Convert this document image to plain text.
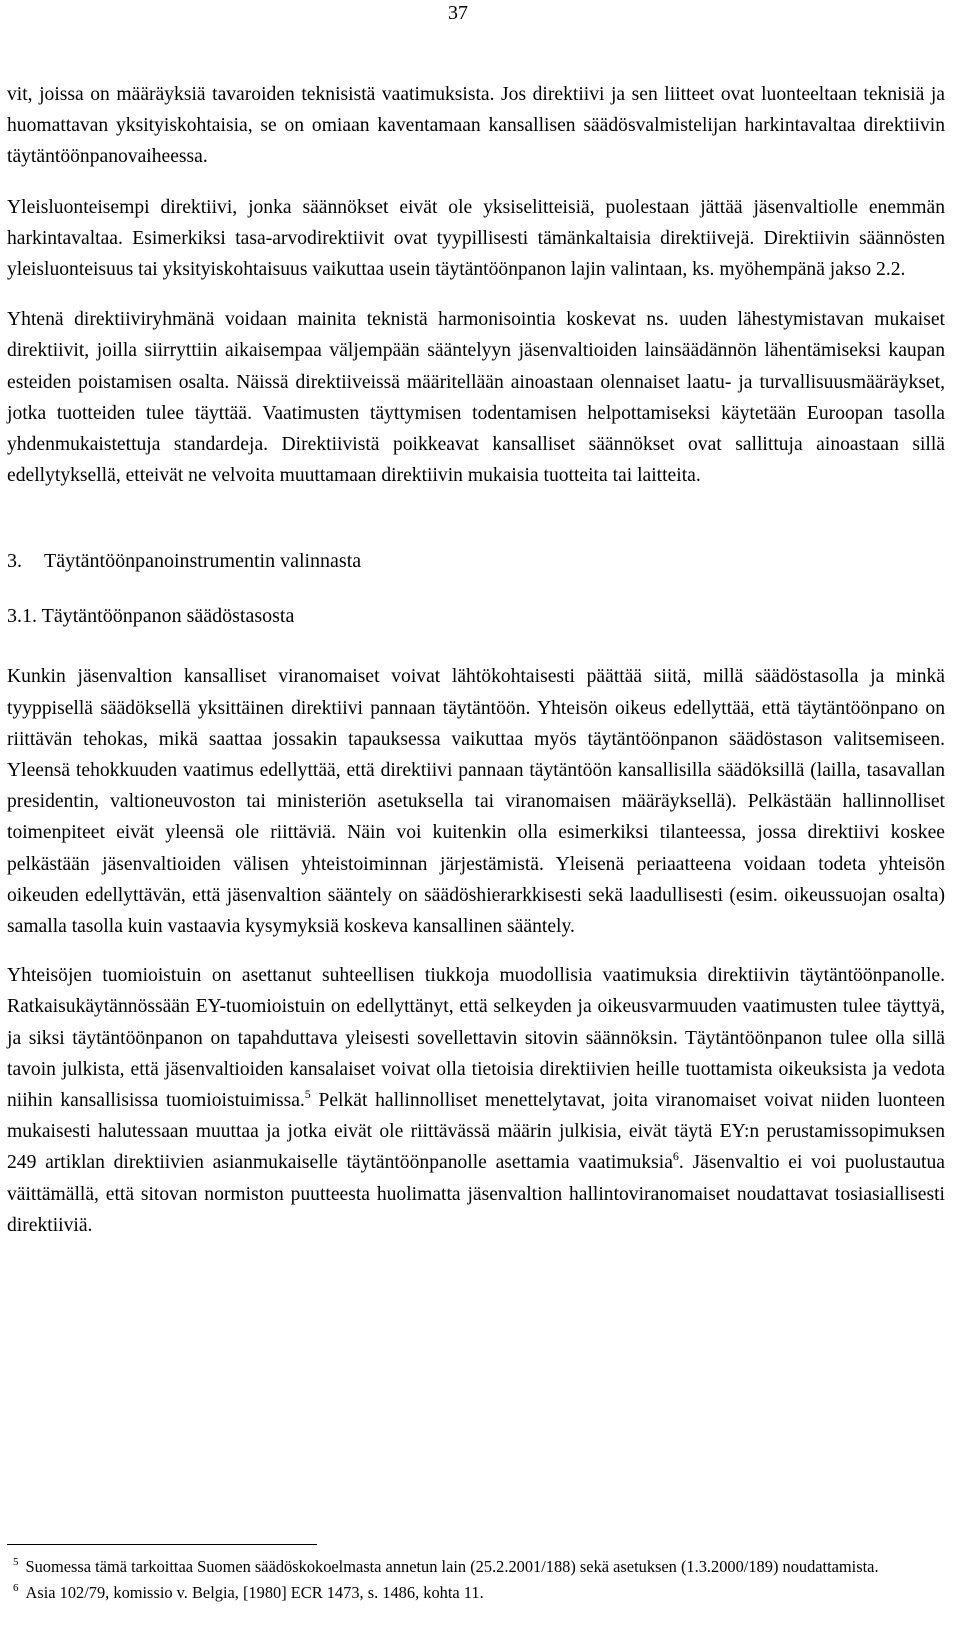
37

vit, joissa on määräyksiä tavaroiden teknisistä vaatimuksista. Jos direktiivi ja sen liitteet ovat luonteeltaan teknisiä ja huomattavan yksityiskohtaisia, se on omiaan kaventamaan kansallisen säädösvalmistelijan harkintavaltaa direktiivin täytäntöönpanovaiheessa.

Yleisluonteisempi direktiivi, jonka säännökset eivät ole yksiselitteisiä, puolestaan jättää jäsenvaltiolle enemmän harkintavaltaa. Esimerkiksi tasa-arvodirektiivit ovat tyypillisesti tämänkaltaisia direktiivejä. Direktiivin säännösten yleisluonteisuus tai yksityiskohtaisuus vaikuttaa usein täytäntöönpanon lajin valintaan, ks. myöhempänä jakso 2.2.

Yhtenä direktiiviryhmänä voidaan mainita teknistä harmonisointia koskevat ns. uuden lähestymistavan mukaiset direktiivit, joilla siirryttiin aikaisempaa väljempään sääntelyyn jäsenvaltioiden lainsäädännön lähentämiseksi kaupan esteiden poistamisen osalta. Näissä direktiiveissä määritellään ainoastaan olennaiset laatu- ja turvallisuusmääräykset, jotka tuotteiden tulee täyttää. Vaatimusten täyttymisen todentamisen helpottamiseksi käytetään Euroopan tasolla yhdenmukaistettuja standardeja. Direktiivistä poikkeavat kansalliset säännökset ovat sallittuja ainoastaan sillä edellytyksellä, etteivät ne velvoita muuttamaan direktiivin mukaisia tuotteita tai laitteita.

3. Täytäntöönpanoinstrumentin valinnasta

3.1. Täytäntöönpanon säädöstasosta

Kunkin jäsenvaltion kansalliset viranomaiset voivat lähtökohtaisesti päättää siitä, millä säädöstasolla ja minkä tyyppisellä säädöksellä yksittäinen direktiivi pannaan täytäntöön. Yhteisön oikeus edellyttää, että täytäntöönpano on riittävän tehokas, mikä saattaa jossakin tapauksessa vaikuttaa myös täytäntöönpanon säädöstason valitsemiseen. Yleensä tehokkuuden vaatimus edellyttää, että direktiivi pannaan täytäntöön kansallisilla säädöksillä (lailla, tasavallan presidentin, valtioneuvoston tai ministeriön asetuksella tai viranomaisen määräyksellä). Pelkästään hallinnolliset toimenpiteet eivät yleensä ole riittäviä. Näin voi kuitenkin olla esimerkiksi tilanteessa, jossa direktiivi koskee pelkästään jäsenvaltioiden välisen yhteistoiminnan järjestämistä. Yleisenä periaatteena voidaan todeta yhteisön oikeuden edellyttävän, että jäsenvaltion sääntely on säädöshierarkkisesti sekä laadullisesti (esim. oikeussuojan osalta) samalla tasolla kuin vastaavia kysymyksiä koskeva kansallinen sääntely.

Yhteisöjen tuomioistuin on asettanut suhteellisen tiukkoja muodollisia vaatimuksia direktiivin täytäntöönpanolle. Ratkaisukäytännössään EY-tuomioistuin on edellyttänyt, että selkeyden ja oikeusvarmuuden vaatimusten tulee täyttyä, ja siksi täytäntöönpanon on tapahduttava yleisesti sovellettavin sitovin säännöksin. Täytäntöönpanon tulee olla sillä tavoin julkista, että jäsenvaltioiden kansalaiset voivat olla tietoisia direktiivien heille tuottamista oikeuksista ja vedota niihin kansallisissa tuomioistuimissa.$^5$ Pelkät hallinnolliset menettelytavat, joita viranomaiset voivat niiden luonteen mukaisesti halutessaan muuttaa ja jotka eivät ole riittävässä määrin julkisia, eivät täytä EY:n perustamissopimuksen 249 artiklan direktiivien asianmukaiselle täytäntöönpanolle asettamia vaatimuksia$^6$. Jäsenvaltio ei voi puolustautua väittämällä, että sitovan normiston puutteesta huolimatta jäsenvaltion hallintoviranomaiset noudattavat tosiasiallisesti direktiiviä.

$^5$ Suomessa tämä tarkoittaa Suomen säädöskokoelmasta annetun lain (25.2.2001/188) sekä asetuksen (1.3.2000/189) noudattamista.

$^6$ Asia 102/79, komissio v. Belgia, [1980] ECR 1473, s. 1486, kohta 11.
